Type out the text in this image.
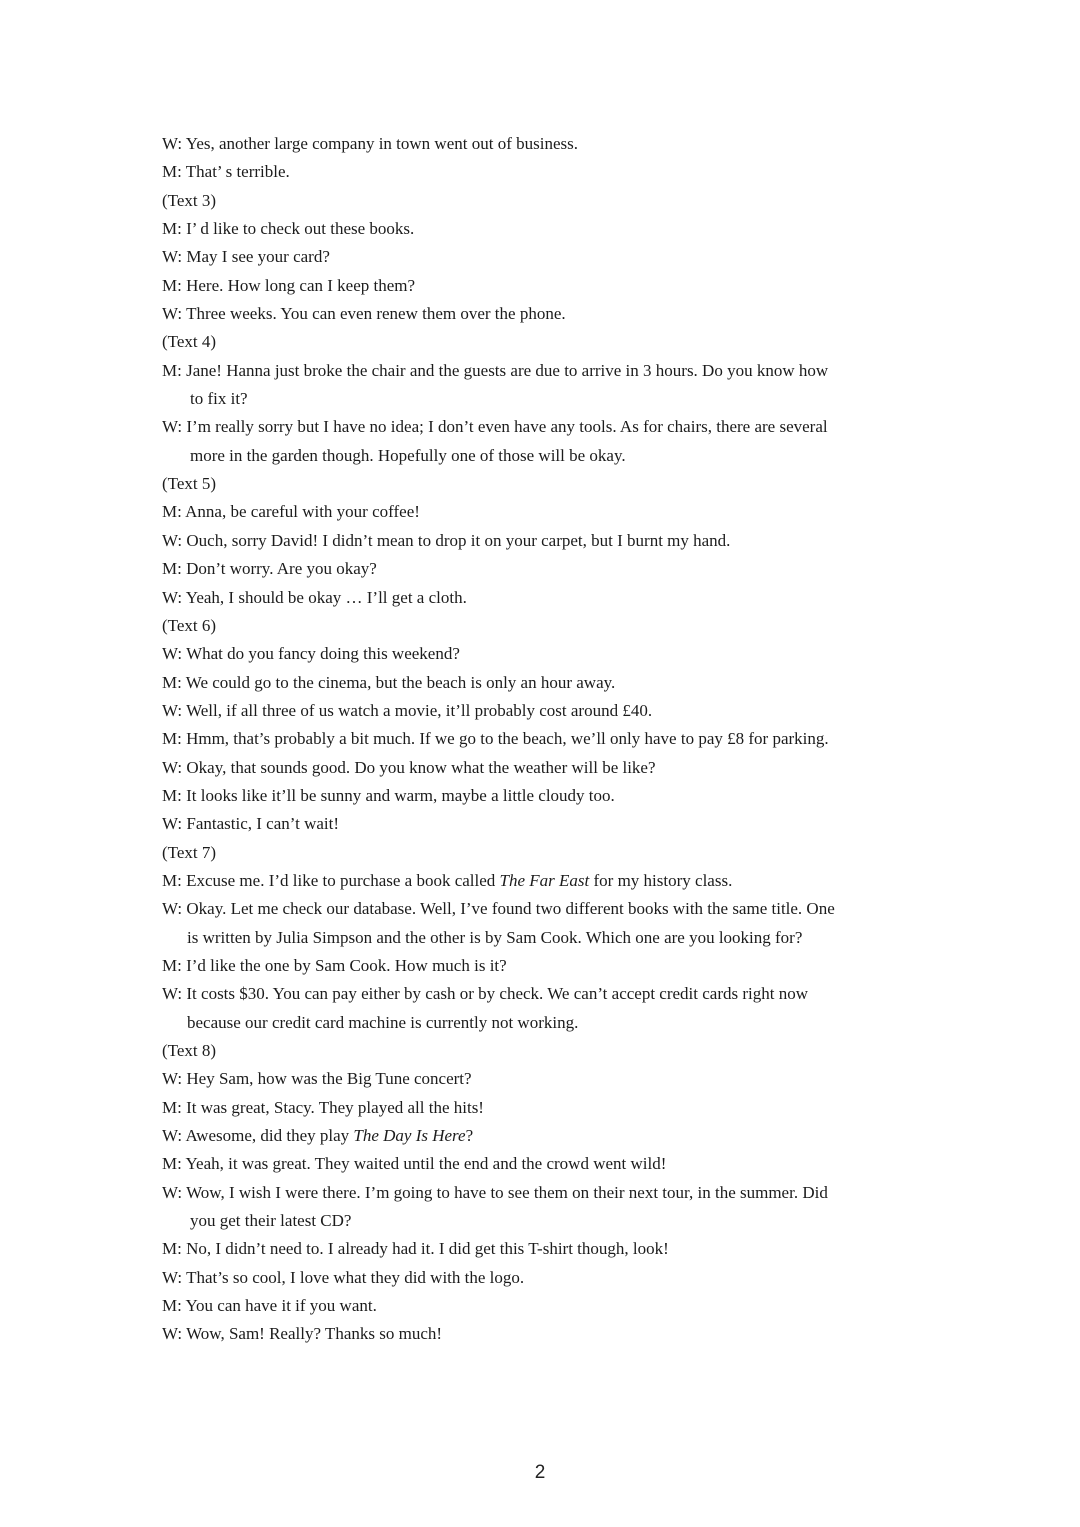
W: Yes, another large company in town went out of business.
M: That’ s terrible.
(Text 3)
M: I’ d like to check out these books.
W: May I see your card?
M: Here. How long can I keep them?
W: Three weeks. You can even renew them over the phone.
(Text 4)
M: Jane! Hanna just broke the chair and the guests are due to arrive in 3 hours. Do you know how
to fix it?
W: I’m really sorry but I have no idea; I don’t even have any tools. As for chairs, there are several
more in the garden though. Hopefully one of those will be okay.
(Text 5)
M: Anna, be careful with your coffee!
W: Ouch, sorry David! I didn’t mean to drop it on your carpet, but I burnt my hand.
M: Don’t worry. Are you okay?
W: Yeah, I should be okay … I’ll get a cloth.
(Text 6)
W: What do you fancy doing this weekend?
M: We could go to the cinema, but the beach is only an hour away.
W: Well, if all three of us watch a movie, it’ll probably cost around £40.
M: Hmm, that’s probably a bit much. If we go to the beach, we’ll only have to pay £8 for parking.
W: Okay, that sounds good. Do you know what the weather will be like?
M: It looks like it’ll be sunny and warm, maybe a little cloudy too.
W: Fantastic, I can’t wait!
(Text 7)
M: Excuse me. I’d like to purchase a book called The Far East for my history class.
W: Okay. Let me check our database. Well, I’ve found two different books with the same title. One
is written by Julia Simpson and the other is by Sam Cook. Which one are you looking for?
M: I’d like the one by Sam Cook. How much is it?
W: It costs $30. You can pay either by cash or by check. We can’t accept credit cards right now
because our credit card machine is currently not working.
(Text 8)
W: Hey Sam, how was the Big Tune concert?
M: It was great, Stacy. They played all the hits!
W: Awesome, did they play The Day Is Here?
M: Yeah, it was great. They waited until the end and the crowd went wild!
W: Wow, I wish I were there. I’m going to have to see them on their next tour, in the summer. Did
you get their latest CD?
M: No, I didn’t need to. I already had it. I did get this T-shirt though, look!
W: That’s so cool, I love what they did with the logo.
M: You can have it if you want.
W: Wow, Sam! Really? Thanks so much!
2
